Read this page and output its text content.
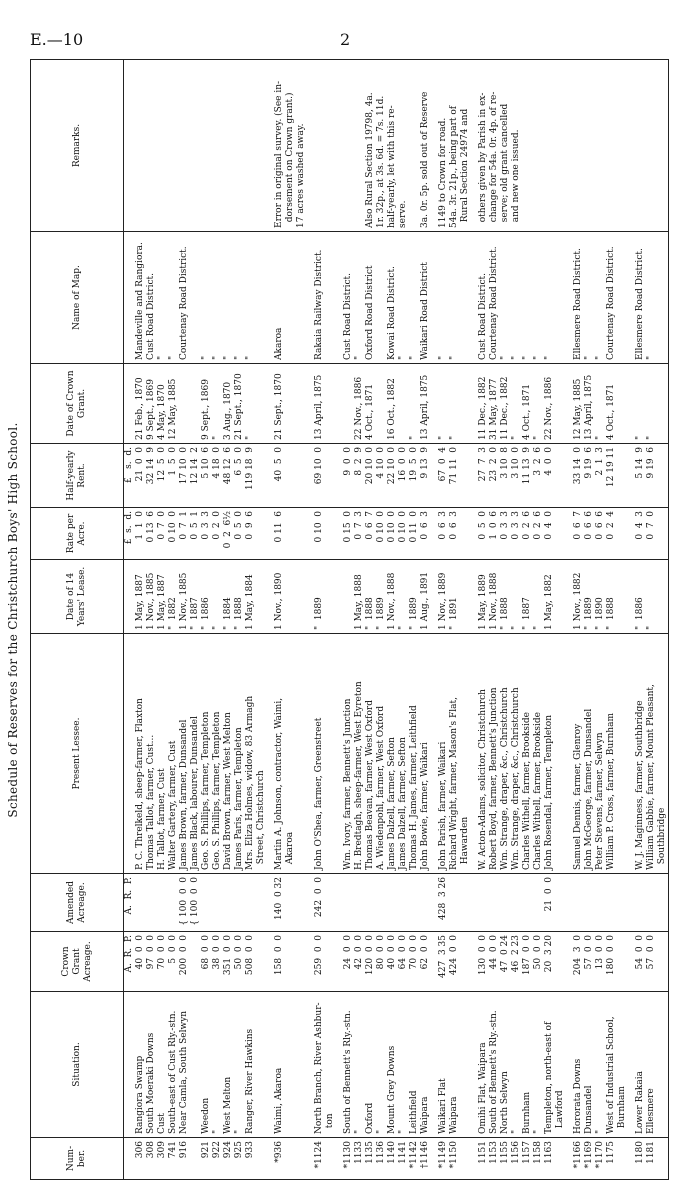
E.—10	2
Schedule of Reserves for the Christchurch Boys' High School.
Num-ber.	Situation.	Crown Grant Acreage.	Amended Acreage.	Present Lessee.	Date of 14 Years' Lease.	Rate per Acre.	Half-yearly Rent.	Date of Crown Grant.	Name of Map.	Remarks.
		A.  R.  P.	A.  R.  P.			£  s.  d.	£   s.  d.			
306	Rangiora Swamp	40  0  0		P. C. Threlkeld, sheep-farmer, Flaxton	1 May, 1887	1  1  0	21  0  0	21 Feb., 1870	Mandeville and Rangiora.	
308	South Moeraki Downs	97  0  0		Thomas Tallot, farmer, Cust...	1 Nov., 1885	0 13  6	32 14  9	9 Sept., 1869	Cust Road District.	
309	Cust	70  0  0		H. Tallot, farmer, Cust	1 May, 1887	0  7  0	12  5  0	4 May, 1870	"	
741	South-east of Cust Rly.-stn.	5  0  0		Walter Gartery, farmer, Cust	"  1882	0 10  0	1  5  0	12 May, 1885	"	
916	Near Camla, South Selwyn	200  0  0	{ 100  0  0	James Brown, farmer, Dunsandel	1 Nov., 1885	0  7  1	17 10  0		Courtenay Road District.	
			{ 100  0  0	James Black, labourer, Dunsandel	"  1887	0  5  1	12 14  2			
921	Weedon	68  0  0		Geo. S. Phillips, farmer, Templeton	"  1886	0  3  3	5 10  6	9 Sept., 1869	"	
922	"	38  0  0		Geo. S. Phillips, farmer, Templeton	"	0  2  0	4 18  0	"	"	
924	West Melton	351  0  0		David Brown, farmer, West Melton	"  1884	0  2  6½	48 12  6	3 Aug., 1870	"	
925	"	50  0  0		James Paris, farmer, Templeton	"  1888	0  5  0	6  5  0	21 Sept., 1870	"	
933	Ranger, River Hawkins	508  0  0		Mrs. Eliza Holmes, widow, 83 Armagh	1 May, 1884	0  9  6	119 18  9	"	"	
				Street, Christchurch						

*936	Waimi, Akaroa	158  0  0	140  0 32	Martin A. Johnson, contractor, Waimi,	1 Nov., 1890	0 11  6	40  5  0	21 Sept., 1870	Akaroa	Error in original survey. (See in-
				Akaroa						dorsement on Crown grant.)
										17 acres washed away.

*1124	North Branch, River Ashbur-	259  0  0	242  0  0	John O'Shea, farmer, Greenstreet	"  1889	0 10  0	69 10  0	13 April, 1875	Rakaia Railway District.	
	ton									

*1130	South of Bennett's Rly.-stn.	24  0  0		Wm. Ivory, farmer, Bennett's Junction		0 15  0	9  0  0		Cust Road District.	
1133	"	42  0  0		H. Bredtagh, sheep-farmer, West Eyreton	1 May, 1888	0  7  3	8  2  9	22 Nov., 1886	"	
1135	Oxford	120  0  0		Thomas Beavan, farmer, West Oxford	"  1888	0  6  7	20 10  0	4 Oct., 1871	Oxford Road District	Also Rural Section 19798, 4a.
1136	"	80  0  0		A. Wiedenpohl, farmer, West Oxford	"  1889	0 10  0	4 10  0			1r. 32p., at 3s. 6d. = 7s. 11d.
1140	Mount Grey Downs	40  0  0		James Dalzell, farmer, Sefton	1 Nov., 1888	0 10  0	22 10  0	16 Oct., 1882	Kowai Road District.	half-yearly, let with this re-
1141	"	64  0  0		James Dalzell, farmer, Sefton	"	0 10  0	16  0  0		"	serve.
*1142	Leithfield	70  0  0		Thomas H. James, farmer, Leithfield	"  1889	0 11  0	19  5  0	"	"	
†1146	Waipara	62  0  0		John Bowie, farmer, Waikari	1 Aug., 1891	0  6  3	9 13  9	13 April, 1875	Waikari Road District	3a. 0r. 5p. sold out of Reserve

*1149	Waikari Flat	427  3 35	428  3 26	John Parish, farmer, Waikari	1 Nov., 1889	0  6  3	67  0  4	"	"	1149 to Crown for road.
*1150	Waipara	424  0  0		Richard Wright, farmer, Mason's Flat,	"  1891	0  6  3	71 11  0	"	"	54a. 3r. 21p., being part of
				Hawarden						Rural Section 24974 and

1151	Omihi Flat, Waipara	130  0  0		W. Acton-Adams, solicitor, Christchurch	1 May, 1889	0  5  0	27  7  3	11 Dec., 1882	Cust Road District.	others given by Parish in ex-
1153	South of Bennett's Rly.-stn.	44  0  0		Robert Boyd, farmer, Bennett's Junction	1 Nov., 1888	1  0  6	23  2  0	31 May, 1877	Courtenay Road District.	change for 54a. 0r. 4p. of re-
1155	North Selwyn	47  0 24		Wm. Strange, draper, &c., Christchurch	"  1888	0  3  3	3 10  8	11 Dec., 1882	"	serve; old grant cancelled
1156	"	46  2 23		Wm. Strange, draper, &c., Christchurch	"	0  3  3	3 10  0	"	"	and new one issued.
1157	Burnham	187  0  0		Charles Withell, farmer, Brookside	"  1887	0  2  6	11 13  9	4 Oct., 1871	"	
1158	"	50  0  0		Charles Withell, farmer, Brookside	"	0  2  6	3  2  6	"	"	
1163	Templeton, north-east of	20  3 20	21  0  0	John Rosendal, farmer, Templeton	1 May, 1882	0  4  0	4  0  0	22 Nov., 1886	"	
	Lawford									

*1166	Hororata Downs	204  3  0		Samuel Dennis, farmer, Glenroy	1 Nov., 1882	0  6  7	33 14  0	12 May, 1885	Ellesmere Road District.	
*1169	Dunsandel	57  0  0		John McGeorge, farmer, Dunsandel	"  1889	0  6  6	9 19  6	13 April, 1875	"	
*1170	"	13  0  0		Peter Stevens, farmer, Selwyn	"  1890	0  6  6	2  1  3	"	"	
1175	West of Industrial School,	180  0  0		William P. Cross, farmer, Burnham	"  1888	0  2  4	12 19 11	4 Oct., 1871	Courtenay Road District.	
	Burnham									

1180	Lower Rakaia	54  0  0		W. J. Maginness, farmer, Southbridge	"  1886	0  4  3	5 14  9	"	Ellesmere Road District.	
1181	Ellesmere	57  0  0		William Gabbie, farmer, Mount Pleasant,	"	0  7  0	9 19  6	"	"	
				Southbridge						
